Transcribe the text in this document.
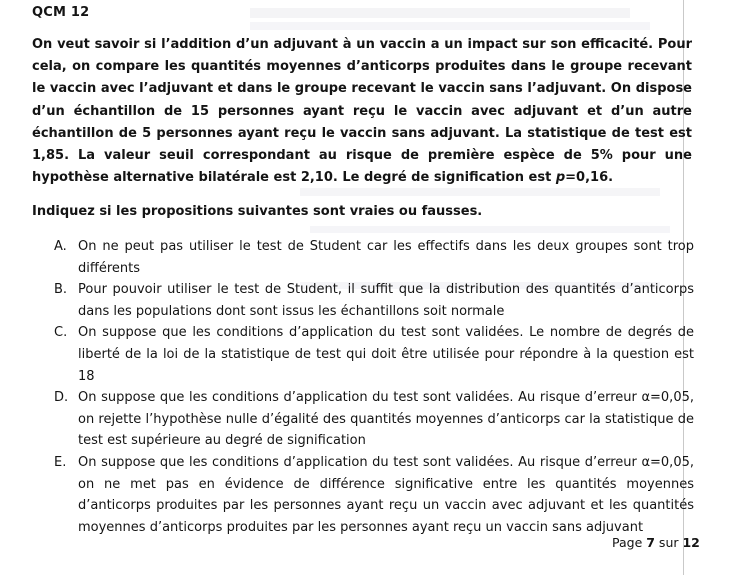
QCM 12

On veut savoir si l’addition d’un adjuvant à un vaccin a un impact sur son efficacité. Pour cela, on compare les quantités moyennes d’anticorps produites dans le groupe recevant le vaccin avec l’adjuvant et dans le groupe recevant le vaccin sans l’adjuvant. On dispose d’un échantillon de 15 personnes ayant reçu le vaccin avec adjuvant et d’un autre échantillon de 5 personnes ayant reçu le vaccin sans adjuvant. La statistique de test est 1,85. La valeur seuil correspondant au risque de première espèce de 5% pour une hypothèse alternative bilatérale est 2,10. Le degré de signification est p=0,16.

Indiquez si les propositions suivantes sont vraies ou fausses.
A. On ne peut pas utiliser le test de Student car les effectifs dans les deux groupes sont trop différents
B. Pour pouvoir utiliser le test de Student, il suffit que la distribution des quantités d’anticorps dans les populations dont sont issus les échantillons soit normale
C. On suppose que les conditions d’application du test sont validées. Le nombre de degrés de liberté de la loi de la statistique de test qui doit être utilisée pour répondre à la question est 18
D. On suppose que les conditions d’application du test sont validées. Au risque d’erreur α=0,05, on rejette l’hypothèse nulle d’égalité des quantités moyennes d’anticorps car la statistique de test est supérieure au degré de signification
E. On suppose que les conditions d’application du test sont validées. Au risque d’erreur α=0,05, on ne met pas en évidence de différence significative entre les quantités moyennes d’anticorps produites par les personnes ayant reçu un vaccin avec adjuvant et les quantités moyennes d’anticorps produites par les personnes ayant reçu un vaccin sans adjuvant
Page 7 sur 12
